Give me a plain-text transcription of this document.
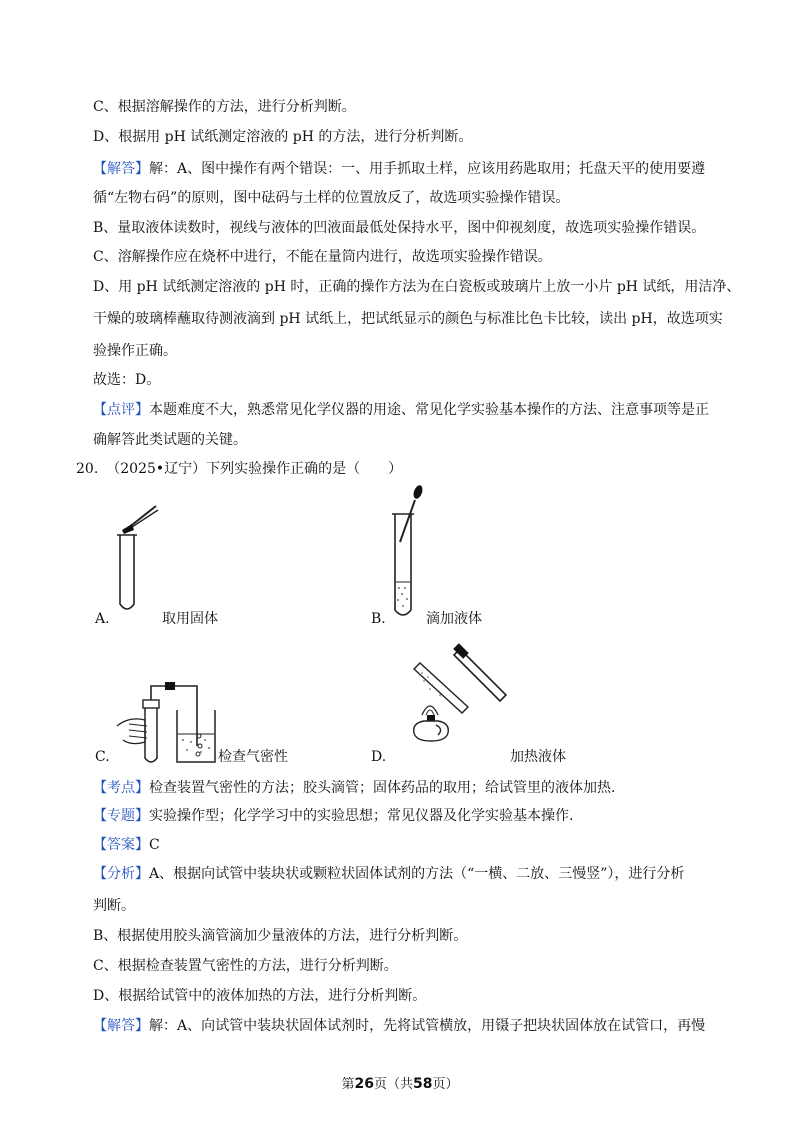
C、根据溶解操作的方法，进行分析判断。
D、根据用 pH 试纸测定溶液的 pH 的方法，进行分析判断。
【解答】解：A、图中操作有两个错误：一、用手抓取土样，应该用药匙取用；托盘天平的使用要遵
循“左物右码”的原则，图中砝码与土样的位置放反了，故选项实验操作错误。
B、量取液体读数时，视线与液体的凹液面最低处保持水平，图中仰视刻度，故选项实验操作错误。
C、溶解操作应在烧杯中进行，不能在量筒内进行，故选项实验操作错误。
D、用 pH 试纸测定溶液的 pH 时，正确的操作方法为在白瓷板或玻璃片上放一小片 pH 试纸，用洁净、
干燥的玻璃棒蘸取待测液滴到 pH 试纸上，把试纸显示的颜色与标准比色卡比较，读出 pH，故选项实
验操作正确。
故选：D。
【点评】本题难度不大，熟悉常见化学仪器的用途、常见化学实验基本操作的方法、注意事项等是正
确解答此类试题的关键。
20. （2025•辽宁）下列实验操作正确的是（　　）
A.	取用固体	B.	滴加液体
C.	检查气密性	D.	加热液体
【考点】检查装置气密性的方法；胶头滴管；固体药品的取用；给试管里的液体加热.
【专题】实验操作型；化学学习中的实验思想；常见仪器及化学实验基本操作.
【答案】C
【分析】A、根据向试管中装块状或颗粒状固体试剂的方法（“一横、二放、三慢竖”），进行分析
判断。
B、根据使用胶头滴管滴加少量液体的方法，进行分析判断。
C、根据检查装置气密性的方法，进行分析判断。
D、根据给试管中的液体加热的方法，进行分析判断。
【解答】解：A、向试管中装块状固体试剂时，先将试管横放，用镊子把块状固体放在试管口，再慢
第26页（共58页）
